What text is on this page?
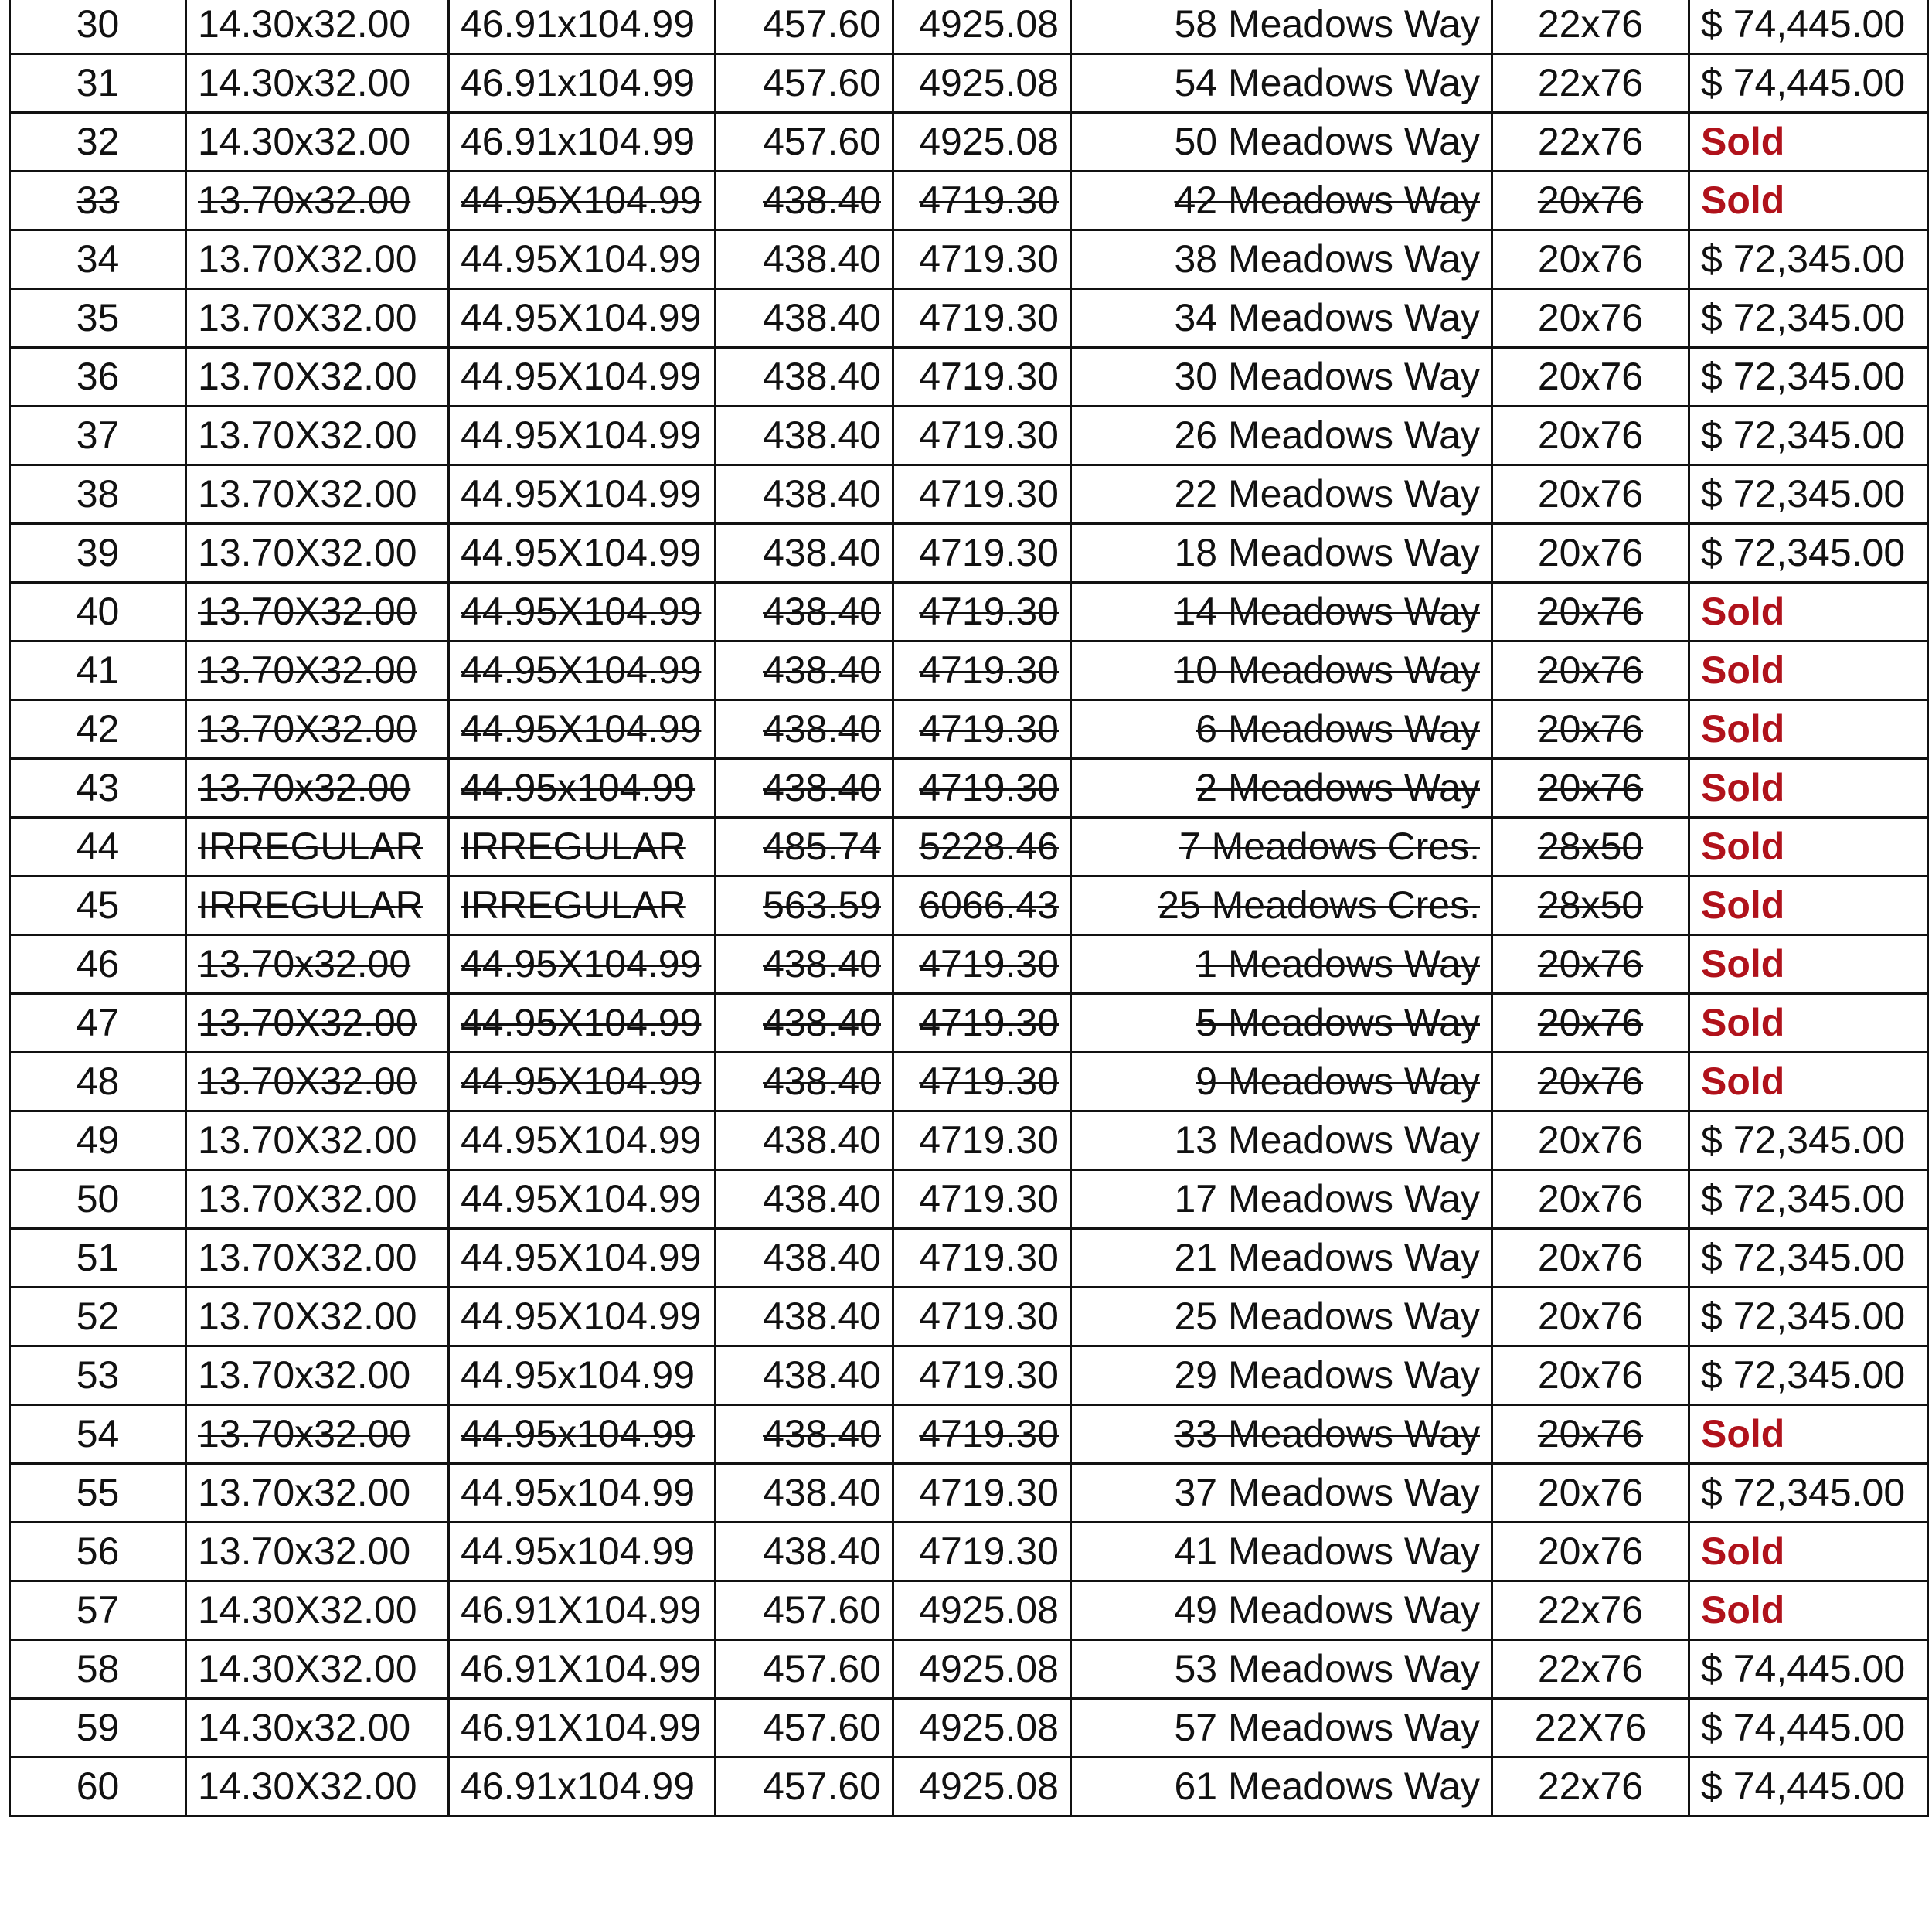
30	14.30x32.00	46.91x104.99	457.60	4925.08	58 Meadows Way	22x76	$ 74,445.00
31	14.30x32.00	46.91x104.99	457.60	4925.08	54 Meadows Way	22x76	$ 74,445.00
32	14.30x32.00	46.91x104.99	457.60	4925.08	50 Meadows Way	22x76	Sold
33	13.70x32.00	44.95X104.99	438.40	4719.30	42 Meadows Way	20x76	Sold
34	13.70X32.00	44.95X104.99	438.40	4719.30	38 Meadows Way	20x76	$ 72,345.00
35	13.70X32.00	44.95X104.99	438.40	4719.30	34 Meadows Way	20x76	$ 72,345.00
36	13.70X32.00	44.95X104.99	438.40	4719.30	30 Meadows Way	20x76	$ 72,345.00
37	13.70X32.00	44.95X104.99	438.40	4719.30	26 Meadows Way	20x76	$ 72,345.00
38	13.70X32.00	44.95X104.99	438.40	4719.30	22 Meadows Way	20x76	$ 72,345.00
39	13.70X32.00	44.95X104.99	438.40	4719.30	18 Meadows Way	20x76	$ 72,345.00
40	13.70X32.00	44.95X104.99	438.40	4719.30	14 Meadows Way	20x76	Sold
41	13.70X32.00	44.95X104.99	438.40	4719.30	10 Meadows Way	20x76	Sold
42	13.70X32.00	44.95X104.99	438.40	4719.30	6 Meadows Way	20x76	Sold
43	13.70x32.00	44.95x104.99	438.40	4719.30	2 Meadows Way	20x76	Sold
44	IRREGULAR	IRREGULAR	485.74	5228.46	7 Meadows Cres.	28x50	Sold
45	IRREGULAR	IRREGULAR	563.59	6066.43	25 Meadows Cres.	28x50	Sold
46	13.70x32.00	44.95X104.99	438.40	4719.30	1 Meadows Way	20x76	Sold
47	13.70X32.00	44.95X104.99	438.40	4719.30	5 Meadows Way	20x76	Sold
48	13.70X32.00	44.95X104.99	438.40	4719.30	9 Meadows Way	20x76	Sold
49	13.70X32.00	44.95X104.99	438.40	4719.30	13 Meadows Way	20x76	$ 72,345.00
50	13.70X32.00	44.95X104.99	438.40	4719.30	17 Meadows Way	20x76	$ 72,345.00
51	13.70X32.00	44.95X104.99	438.40	4719.30	21 Meadows Way	20x76	$ 72,345.00
52	13.70X32.00	44.95X104.99	438.40	4719.30	25 Meadows Way	20x76	$ 72,345.00
53	13.70x32.00	44.95x104.99	438.40	4719.30	29 Meadows Way	20x76	$ 72,345.00
54	13.70x32.00	44.95x104.99	438.40	4719.30	33 Meadows Way	20x76	Sold
55	13.70x32.00	44.95x104.99	438.40	4719.30	37 Meadows Way	20x76	$ 72,345.00
56	13.70x32.00	44.95x104.99	438.40	4719.30	41 Meadows Way	20x76	Sold
57	14.30X32.00	46.91X104.99	457.60	4925.08	49 Meadows Way	22x76	Sold
58	14.30X32.00	46.91X104.99	457.60	4925.08	53 Meadows Way	22x76	$ 74,445.00
59	14.30x32.00	46.91X104.99	457.60	4925.08	57 Meadows Way	22X76	$ 74,445.00
60	14.30X32.00	46.91x104.99	457.60	4925.08	61 Meadows Way	22x76	$ 74,445.00
